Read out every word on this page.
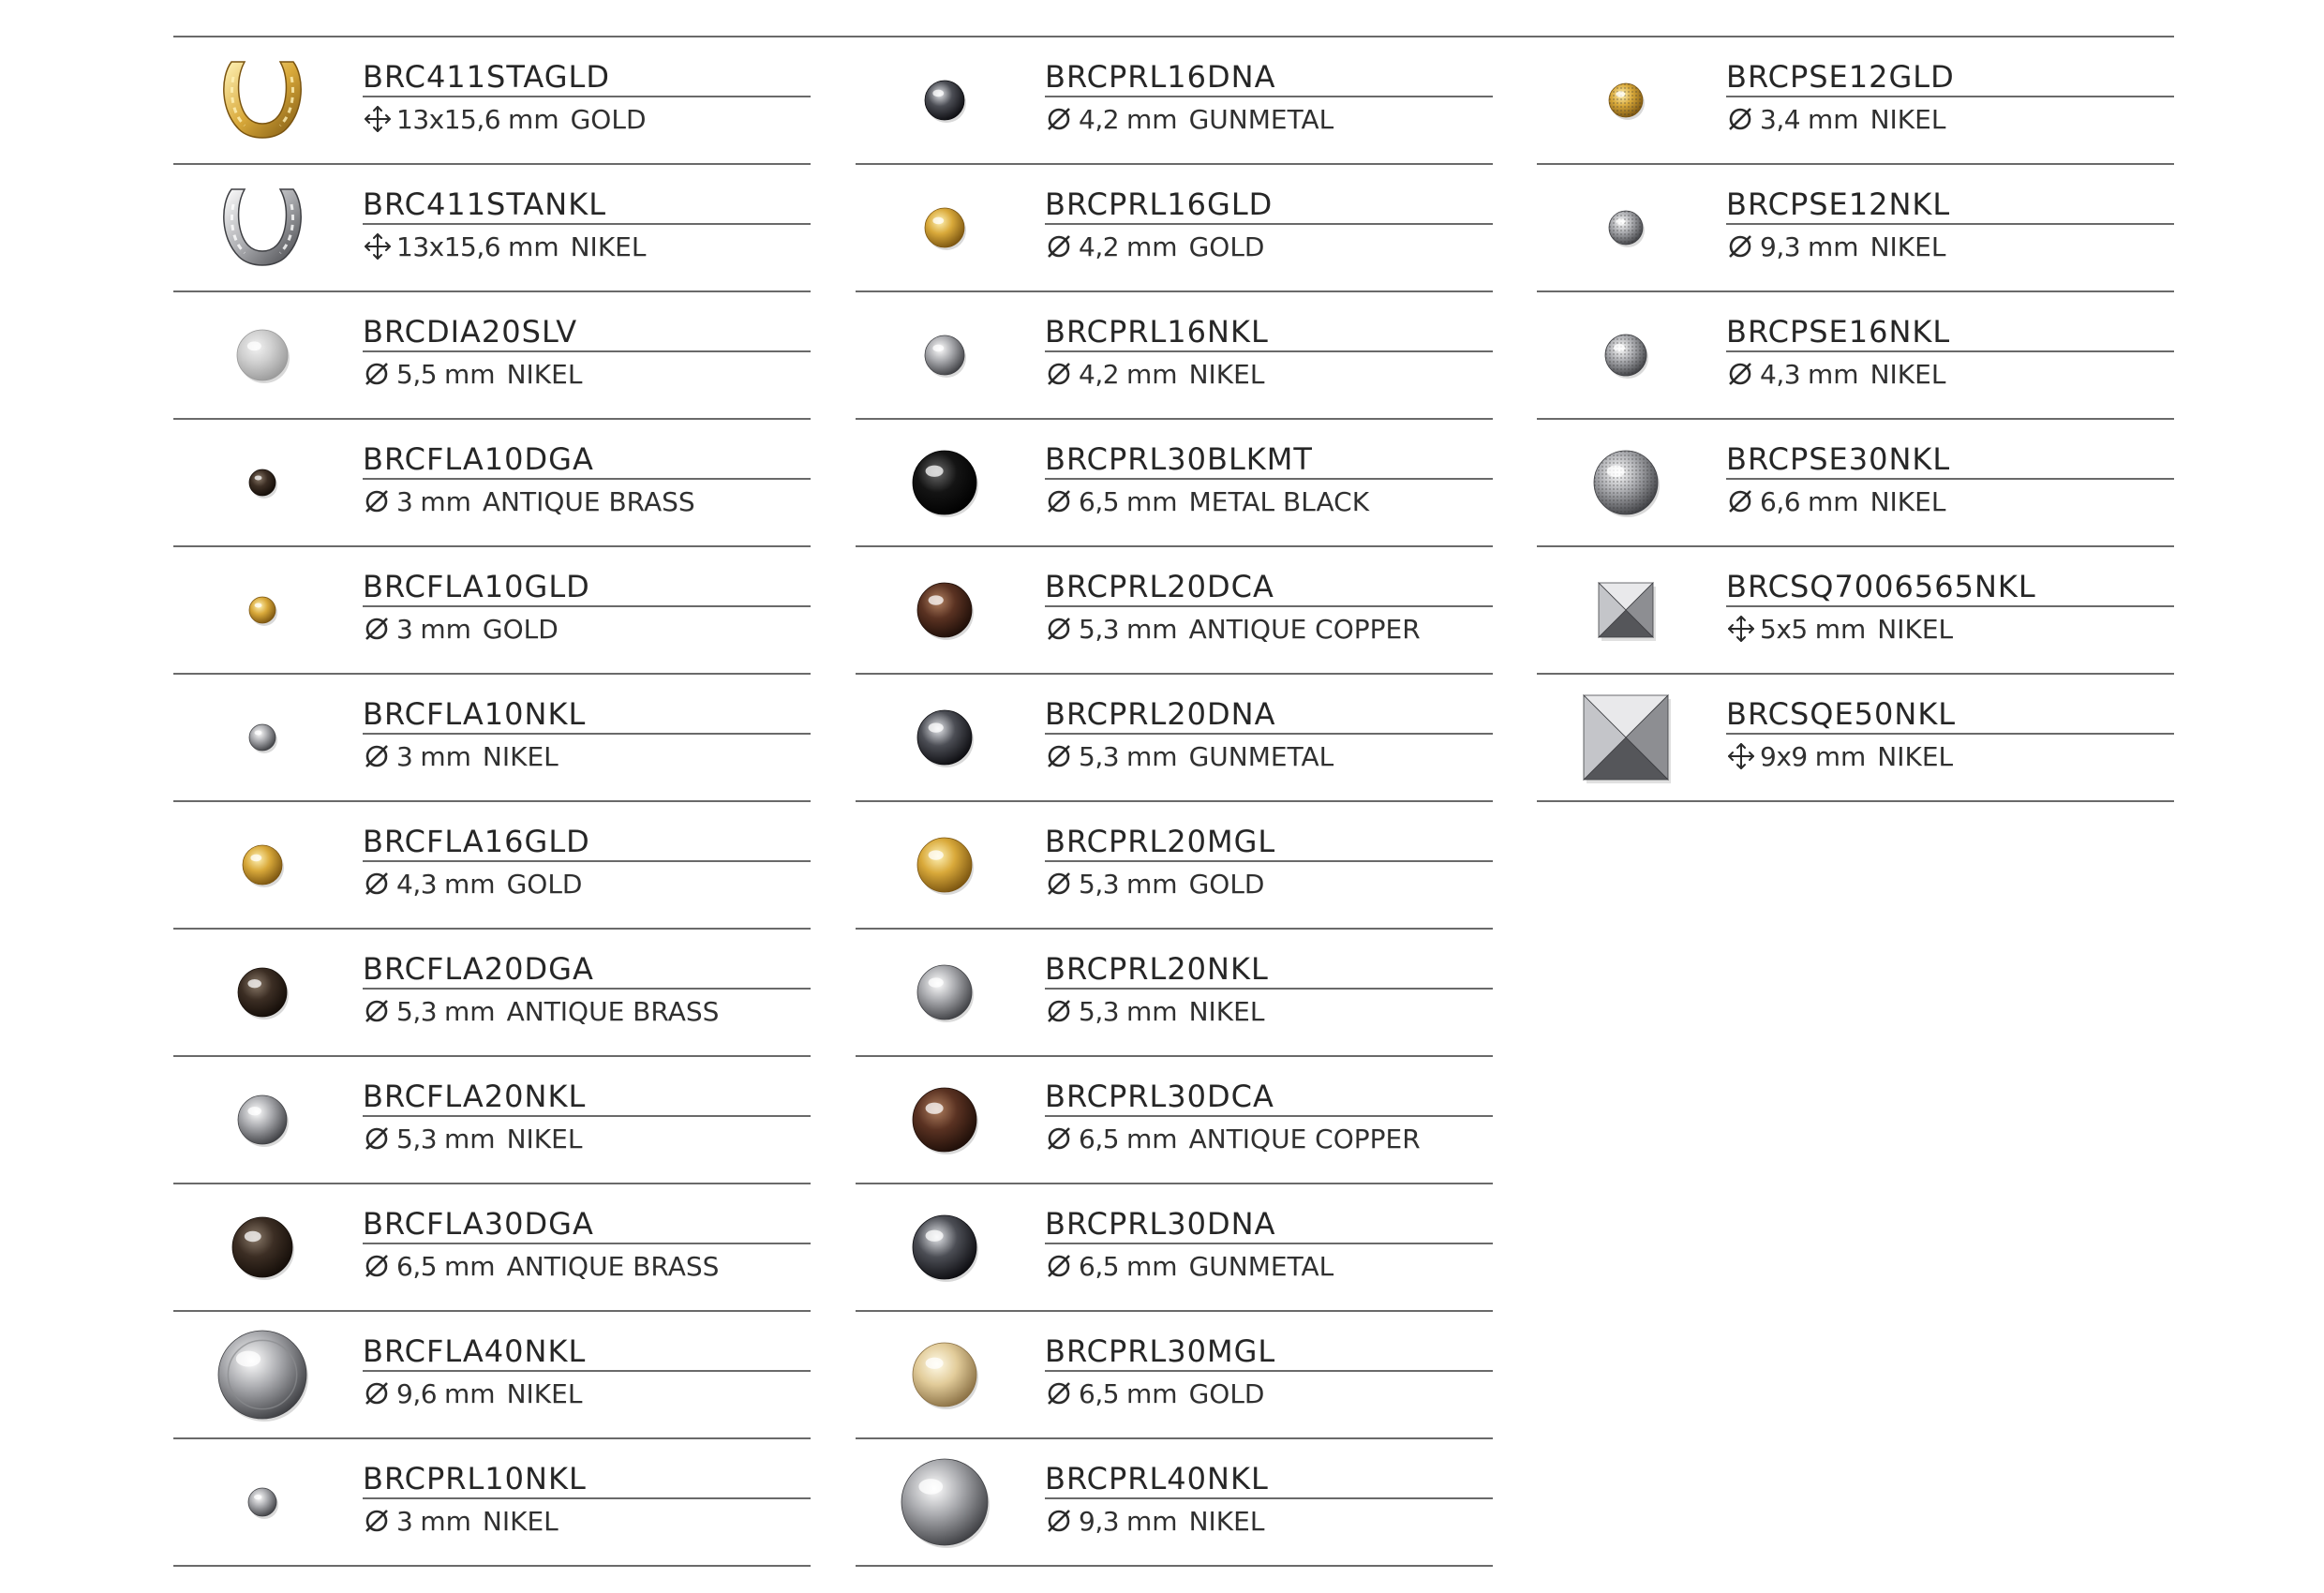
BRC411STAGLD
13x15,6 mm GOLD
BRC411STANKL
13x15,6 mm NIKEL
BRCDIA20SLV
5,5 mm NIKEL
BRCFLA10DGA
3 mm ANTIQUE BRASS
BRCFLA10GLD
3 mm GOLD
BRCFLA10NKL
3 mm NIKEL
BRCFLA16GLD
4,3 mm GOLD
BRCFLA20DGA
5,3 mm ANTIQUE BRASS
BRCFLA20NKL
5,3 mm NIKEL
BRCFLA30DGA
6,5 mm ANTIQUE BRASS
BRCFLA40NKL
9,6 mm NIKEL
BRCPRL10NKL
3 mm NIKEL
BRCPRL16DNA
4,2 mm GUNMETAL
BRCPRL16GLD
4,2 mm GOLD
BRCPRL16NKL
4,2 mm NIKEL
BRCPRL30BLKMT
6,5 mm METAL BLACK
BRCPRL20DCA
5,3 mm ANTIQUE COPPER
BRCPRL20DNA
5,3 mm GUNMETAL
BRCPRL20MGL
5,3 mm GOLD
BRCPRL20NKL
5,3 mm NIKEL
BRCPRL30DCA
6,5 mm ANTIQUE COPPER
BRCPRL30DNA
6,5 mm GUNMETAL
BRCPRL30MGL
6,5 mm GOLD
BRCPRL40NKL
9,3 mm NIKEL
BRCPSE12GLD
3,4 mm NIKEL
BRCPSE12NKL
9,3 mm NIKEL
BRCPSE16NKL
4,3 mm NIKEL
BRCPSE30NKL
6,6 mm NIKEL
BRCSQ7006565NKL
5x5 mm NIKEL
BRCSQE50NKL
9x9 mm NIKEL
